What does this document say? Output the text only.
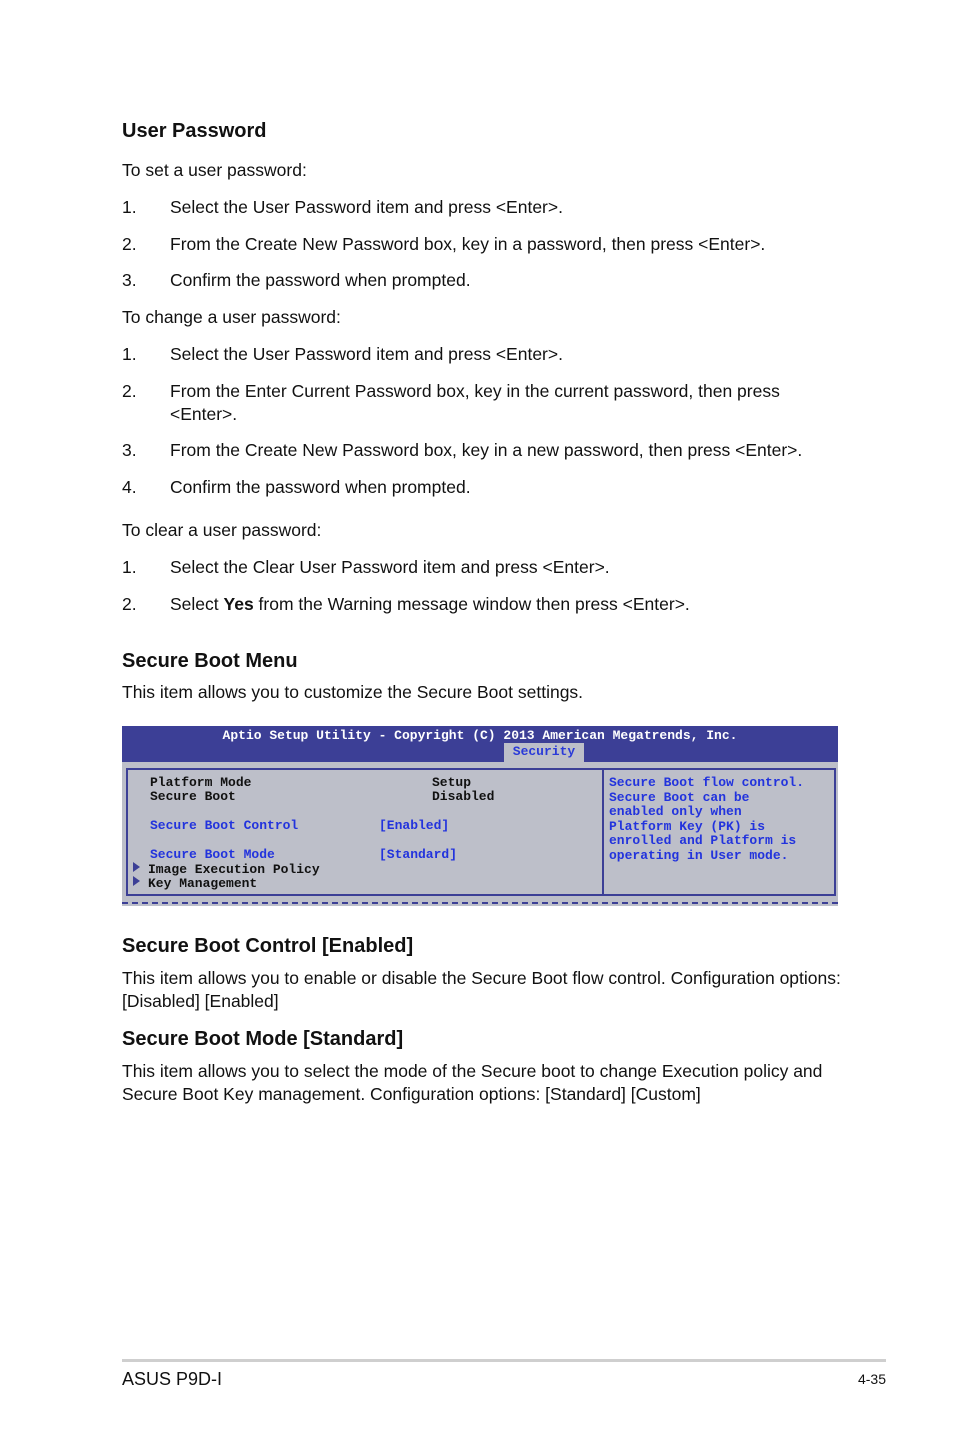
User Password

To set a user password:

1. Select the User Password item and press <Enter>.
2. From the Create New Password box, key in a password, then press <Enter>.
3. Confirm the password when prompted.

To change a user password:

1. Select the User Password item and press <Enter>.
2. From the Enter Current Password box, key in the current password, then press <Enter>.
3. From the Create New Password box, key in a new password, then press <Enter>.
4. Confirm the password when prompted.

To clear a user password:

1. Select the Clear User Password item and press <Enter>.
2. Select Yes from the Warning message window then press <Enter>.
Secure Boot Menu

This item allows you to customize the Secure Boot settings.

Aptio Setup Utility - Copyright (C) 2013 American Megatrends, Inc.
Security
Platform Mode	Setup
Secure Boot	Disabled
Secure Boot Control	[Enabled]
Secure Boot Mode	[Standard]
Image Execution Policy
Key Management
Secure Boot flow control.
Secure Boot can be
enabled only when
Platform Key (PK) is
enrolled and Platform is
operating in User mode.
Secure Boot Control [Enabled]

This item allows you to enable or disable the Secure Boot flow control. Configuration options:

[Disabled] [Enabled]

Secure Boot Mode [Standard]

This item allows you to select the mode of the Secure boot to change Execution policy and

Secure Boot Key management. Configuration options: [Standard] [Custom]

ASUS P9D-I	4-35
